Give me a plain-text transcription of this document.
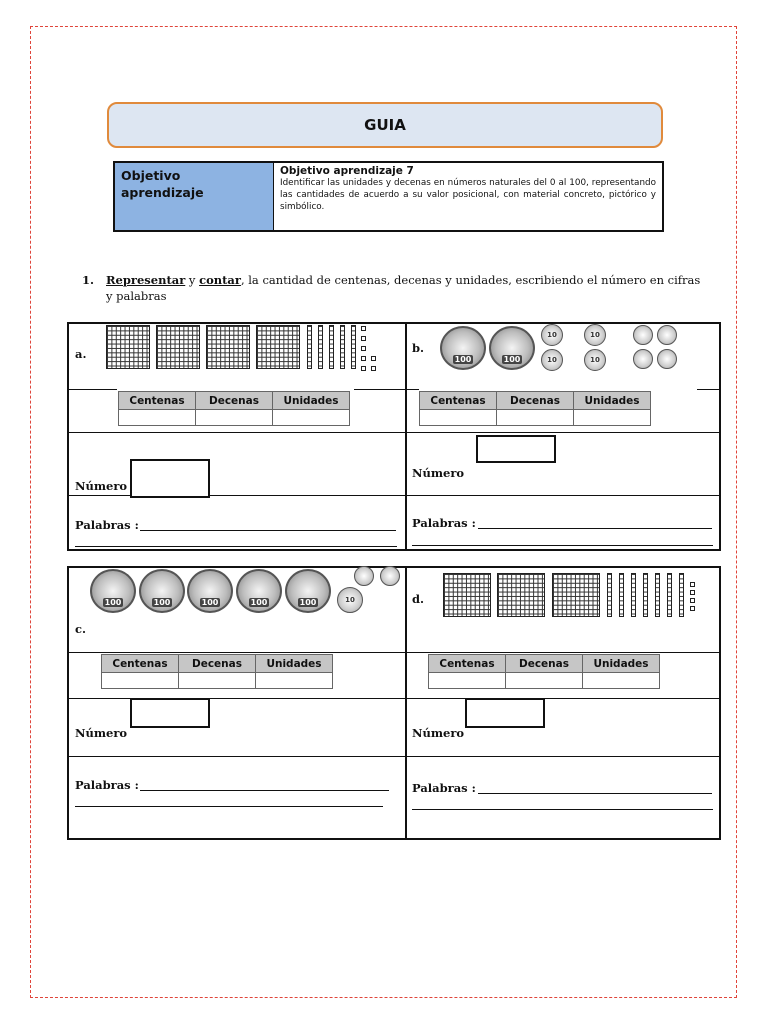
GUIA
Objetivo aprendizaje
Objetivo aprendizaje 7
Identificar las unidades y decenas en números naturales del 0 al 100, representando las cantidades de acuerdo a su valor posicional, con material concreto, pictórico y simbólico.
1. Representar y contar, la cantidad de centenas, decenas y unidades, escribiendo el número en cifras
y palabras
a.
Centenas	Decenas	Unidades

Número
Palabras :
b.
100	100
10	10
10	10
Centenas	Decenas	Unidades

Número
Palabras :
100	100	100	100	100	10
c.
Centenas	Decenas	Unidades

Número
Palabras :
d.
Centenas	Decenas	Unidades

Número
Palabras :
